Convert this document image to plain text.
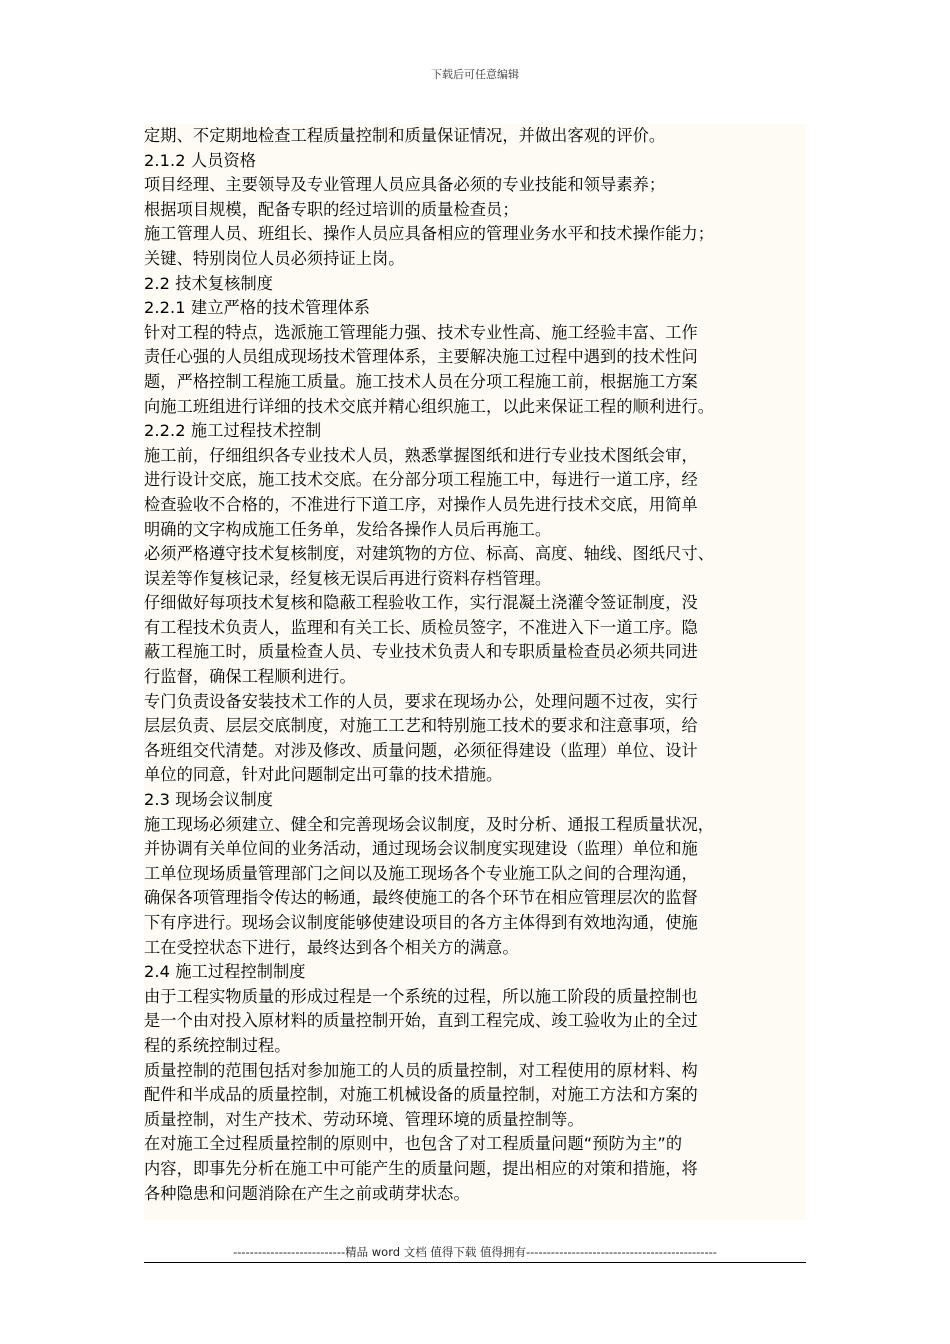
下载后可任意编辑
定期、不定期地检查工程质量控制和质量保证情况，并做出客观的评价。
2.1.2 人员资格
项目经理、主要领导及专业管理人员应具备必须的专业技能和领导素养；
根据项目规模，配备专职的经过培训的质量检查员；
施工管理人员、班组长、操作人员应具备相应的管理业务水平和技术操作能力；
关键、特别岗位人员必须持证上岗。
2.2 技术复核制度
2.2.1 建立严格的技术管理体系
针对工程的特点，选派施工管理能力强、技术专业性高、施工经验丰富、工作
责任心强的人员组成现场技术管理体系，主要解决施工过程中遇到的技术性问
题，严格控制工程施工质量。施工技术人员在分项工程施工前，根据施工方案
向施工班组进行详细的技术交底并精心组织施工，以此来保证工程的顺利进行。
2.2.2 施工过程技术控制
施工前，仔细组织各专业技术人员，熟悉掌握图纸和进行专业技术图纸会审，
进行设计交底，施工技术交底。在分部分项工程施工中，每进行一道工序，经
检查验收不合格的，不准进行下道工序，对操作人员先进行技术交底，用简单
明确的文字构成施工任务单，发给各操作人员后再施工。
必须严格遵守技术复核制度，对建筑物的方位、标高、高度、轴线、图纸尺寸、
误差等作复核记录，经复核无误后再进行资料存档管理。
仔细做好每项技术复核和隐蔽工程验收工作，实行混凝土浇灌令签证制度，没
有工程技术负责人，监理和有关工长、质检员签字，不准进入下一道工序。隐
蔽工程施工时，质量检查人员、专业技术负责人和专职质量检查员必须共同进
行监督，确保工程顺利进行。
专门负责设备安装技术工作的人员，要求在现场办公，处理问题不过夜，实行
层层负责、层层交底制度，对施工工艺和特别施工技术的要求和注意事项，给
各班组交代清楚。对涉及修改、质量问题，必须征得建设（监理）单位、设计
单位的同意，针对此问题制定出可靠的技术措施。
2.3 现场会议制度
施工现场必须建立、健全和完善现场会议制度，及时分析、通报工程质量状况，
并协调有关单位间的业务活动，通过现场会议制度实现建设（监理）单位和施
工单位现场质量管理部门之间以及施工现场各个专业施工队之间的合理沟通，
确保各项管理指令传达的畅通，最终使施工的各个环节在相应管理层次的监督
下有序进行。现场会议制度能够使建设项目的各方主体得到有效地沟通，使施
工在受控状态下进行，最终达到各个相关方的满意。
2.4 施工过程控制制度
由于工程实物质量的形成过程是一个系统的过程，所以施工阶段的质量控制也
是一个由对投入原材料的质量控制开始，直到工程完成、竣工验收为止的全过
程的系统控制过程。
质量控制的范围包括对参加施工的人员的质量控制，对工程使用的原材料、构
配件和半成品的质量控制，对施工机械设备的质量控制，对施工方法和方案的
质量控制，对生产技术、劳动环境、管理环境的质量控制等。
在对施工全过程质量控制的原则中，也包含了对工程质量问题“预防为主”的
内容，即事先分析在施工中可能产生的质量问题，提出相应的对策和措施，将
各种隐患和问题消除在产生之前或萌芽状态。
---------------------------精品 word 文档 值得下载 值得拥有----------------------------------------------
